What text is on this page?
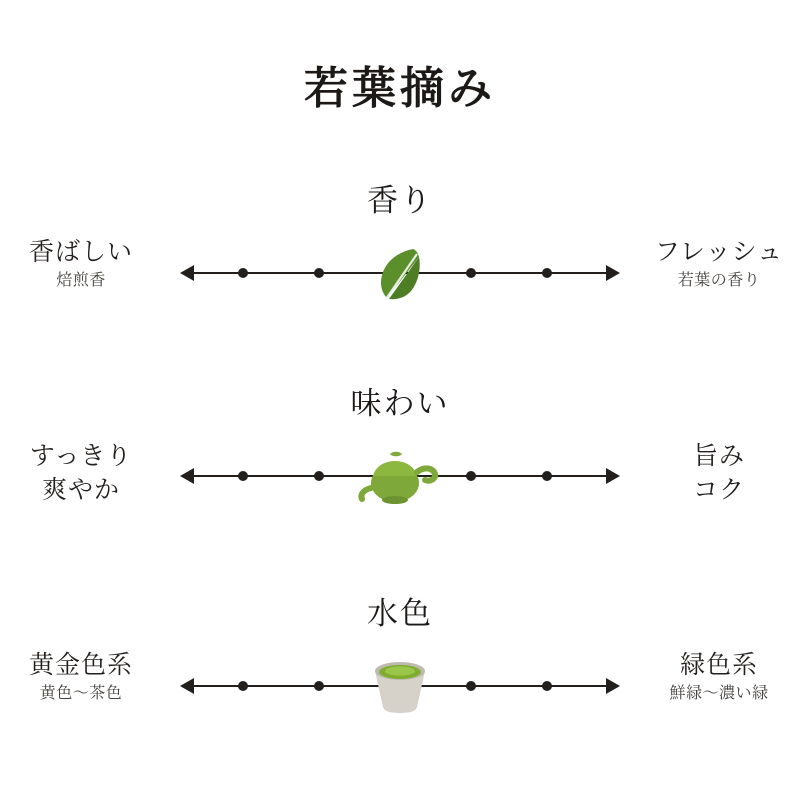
若葉摘み
香り
香ばしい
焙煎香
フレッシュ
若葉の香り
味わい
すっきり
爽やか
旨み
コク
水色
黄金色系
黄色〜茶色
緑色系
鮮緑〜濃い緑
